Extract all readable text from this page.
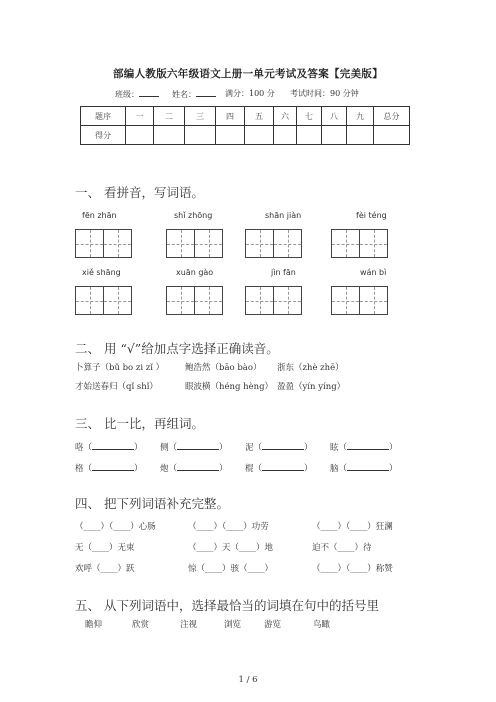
部编人教版六年级语文上册一单元考试及答案【完美版】
班级：	姓名：	满分：100 分 考试时间：90 分钟
题序	一	二	三	四	五	六	七	八	九	总分
得分										
一、 看拼音，写词语。
fēn zhān	shǐ zhōng	shān jiàn	fèi téng
xiě shāng	xuān gào	jìn fān	wán bì
二、 用 “√”给加点字选择正确读音。
卜算子（bǔ bo zi zǐ ） 鲍浩然（bāo bào） 浙东（zhè zhē）
才始送春归（qǐ shǐ）	眼波横（héng hèng） 盈盈（yín yíng）
三、 比一比，再组词。
咯（	） 侧（	） 泥（	） 眩（	）
格（	） 炮（	） 棍（	） 脑（	）
四、 把下列词语补充完整。
（____）（____）心肠	（____）（____）功劳	（____）（____）狂澜
无（____）无束	（____）天（____）地	迫不（____）待
欢呼（____）跃	惊（____）骇（____）	（____）（____）称赞
五、 从下列词语中，选择最恰当的词填在句中的括号里
瞻仰	欣赏	注视	浏览	游览	鸟瞰
1 / 6
